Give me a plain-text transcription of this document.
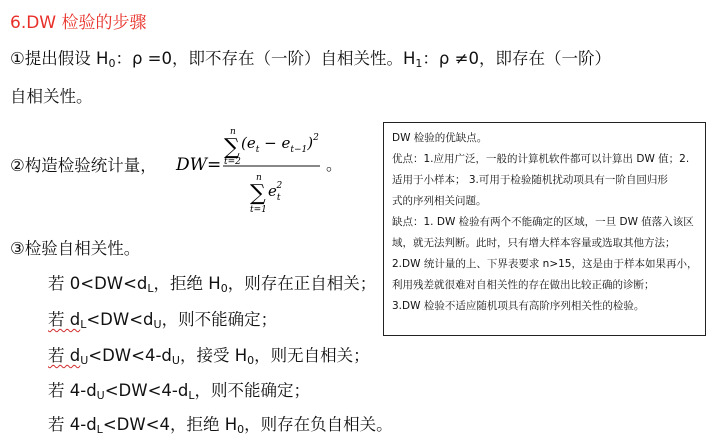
6.DW 检验的步骤
①提出假设 $H_0$：ρ =0，即不存在（一阶）自相关性。$H_1$：ρ ≠0，即存在（一阶）
自相关性。
②构造检验统计量， DW =
n
∑
t=2
$(e_t - e_{t-1})^2$
n
∑
t=1
$e_t2$
。
③检验自相关性。
若 $0<DW<d_L$，拒绝 $H_0$，则存在正自相关；
若 $d_L<DW<d_U$，则不能确定；
若 $d_U<DW<4-d_U$，接受 $H_0$，则无自相关；
若 $4-d_U<DW<4-d_L$，则不能确定；
若 $4-d_L<DW<4$，拒绝 $H_0$，则存在负自相关。

DW 检验的优缺点。

优点：1.应用广泛，一般的计算机软件都可以计算出 DW 值；2.

适用于小样本； 3.可用于检验随机扰动项具有一阶自回归形

式的序列相关问题。

缺点：1. DW 检验有两个不能确定的区域，一旦 DW 值落入该区

域，就无法判断。此时，只有增大样本容量或选取其他方法；

2.DW 统计量的上、下界表要求 n>15，这是由于样本如果再小，

利用残差就很难对自相关性的存在做出比较正确的诊断；

3.DW 检验不适应随机项具有高阶序列相关性的检验。
